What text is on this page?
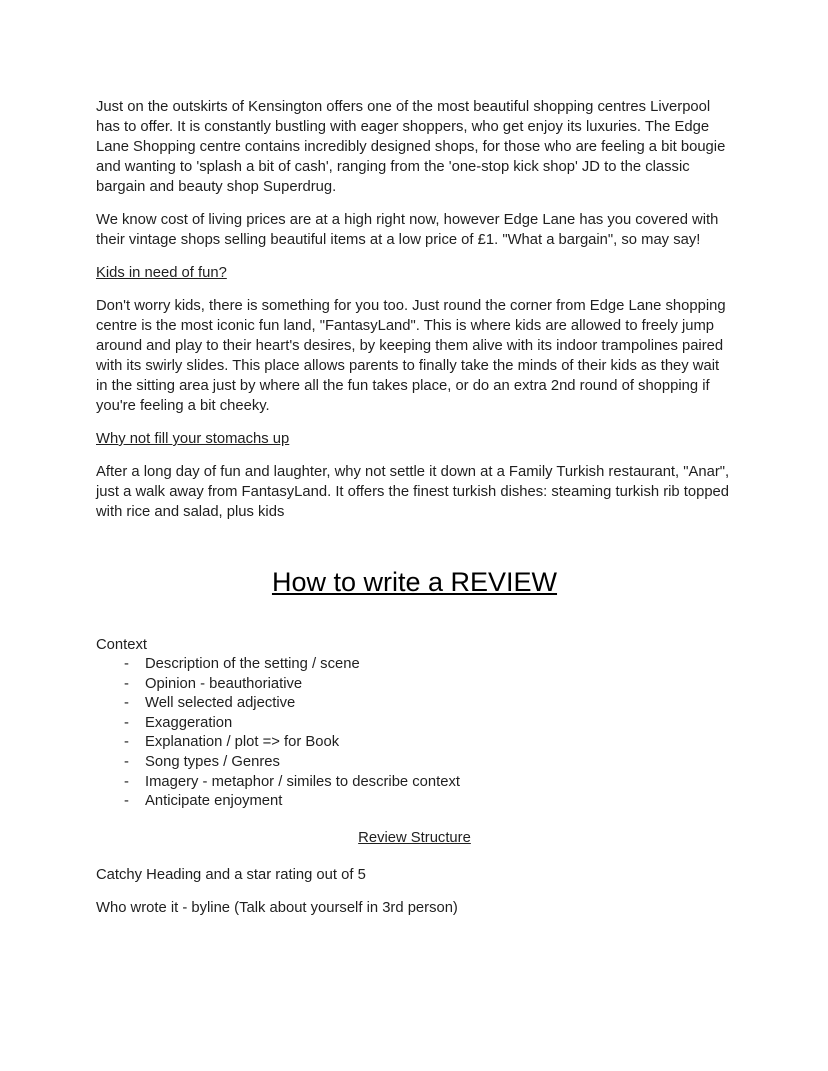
Just on the outskirts of Kensington offers one of the most beautiful shopping centres Liverpool has to offer. It is constantly bustling with eager shoppers, who get enjoy its luxuries. The Edge Lane Shopping centre contains incredibly designed shops, for those who are feeling a bit bougie and wanting to 'splash a bit of cash', ranging from the 'one-stop kick shop' JD to the classic bargain and beauty shop Superdrug.

We know cost of living prices are at a high right now, however Edge Lane has you covered with their vintage shops selling beautiful items at a low price of £1. "What a bargain", so may say!

Kids in need of fun?

Don't worry kids, there is something for you too. Just round the corner from Edge Lane shopping centre is the most iconic fun land, "FantasyLand". This is where kids are allowed to freely jump around and play to their heart's desires, by keeping them alive with its indoor trampolines paired with its swirly slides. This place allows parents to finally take the minds of their kids as they wait in the sitting area just by where all the fun takes place, or do an extra 2nd round of shopping if you're feeling a bit cheeky.

Why not fill your stomachs up

After a long day of fun and laughter, why not settle it down at a Family Turkish restaurant, "Anar", just a walk away from FantasyLand. It offers the finest turkish dishes: steaming turkish rib topped with rice and salad, plus kids

How to write a REVIEW
Context
- Description of the setting / scene
- Opinion - beauthoriative
- Well selected adjective
- Exaggeration
- Explanation / plot => for Book
- Song types / Genres
- Imagery - metaphor / similes to describe context
- Anticipate enjoyment
Review Structure

Catchy Heading and a star rating out of 5

Who wrote it - byline (Talk about yourself in 3rd person)
